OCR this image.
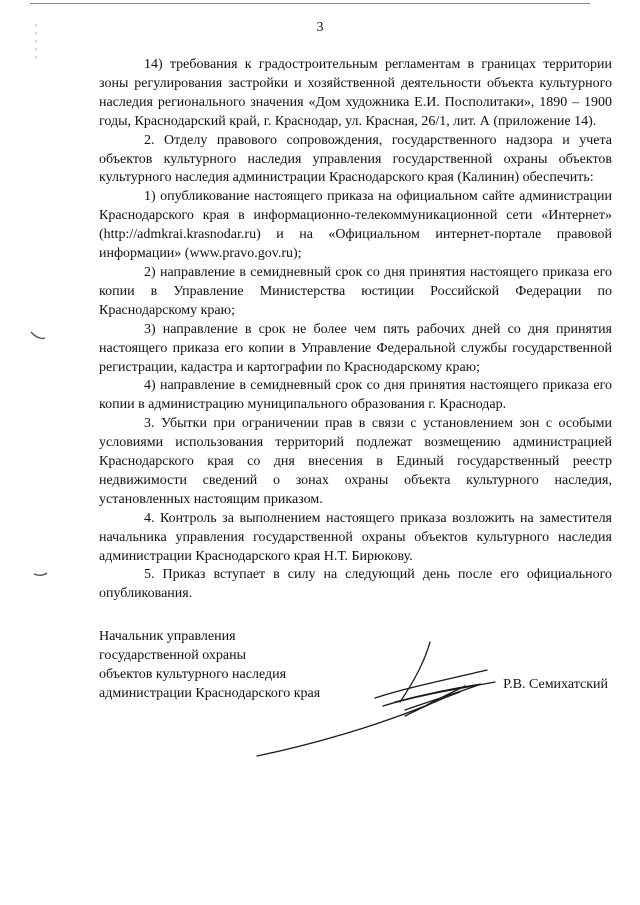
3

14) требования к градостроительным регламентам в границах территории зоны регулирования застройки и хозяйственной деятельности объекта культурного наследия регионального значения «Дом художника Е.И. Посполитаки», 1890 – 1900 годы, Краснодарский край, г. Краснодар, ул. Красная, 26/1, лит. А (приложение 14).

2. Отделу правового сопровождения, государственного надзора и учета объектов культурного наследия управления государственной охраны объектов культурного наследия администрации Краснодарского края (Калинин) обеспечить:

1) опубликование настоящего приказа на официальном сайте администрации Краснодарского края в информационно-телекоммуникационной сети «Интернет» (http://admkrai.krasnodar.ru) и на «Официальном интернет-портале правовой информации» (www.pravo.gov.ru);

2) направление в семидневный срок со дня принятия настоящего приказа его копии в Управление Министерства юстиции Российской Федерации по Краснодарскому краю;

3) направление в срок не более чем пять рабочих дней со дня принятия настоящего приказа его копии в Управление Федеральной службы государственной регистрации, кадастра и картографии по Краснодарскому краю;

4) направление в семидневный срок со дня принятия настоящего приказа его копии в администрацию муниципального образования г. Краснодар.

3. Убытки при ограничении прав в связи с установлением зон с особыми условиями использования территорий подлежат возмещению администрацией Краснодарского края со дня внесения в Единый государственный реестр недвижимости сведений о зонах охраны объекта культурного наследия, установленных настоящим приказом.

4. Контроль за выполнением настоящего приказа возложить на заместителя начальника управления государственной охраны объектов культурного наследия администрации Краснодарского края Н.Т. Бирюкову.

5. Приказ вступает в силу на следующий день после его официального опубликования.

Начальник управления
государственной охраны
объектов культурного наследия
администрации Краснодарского края
Р.В. Семихатский
